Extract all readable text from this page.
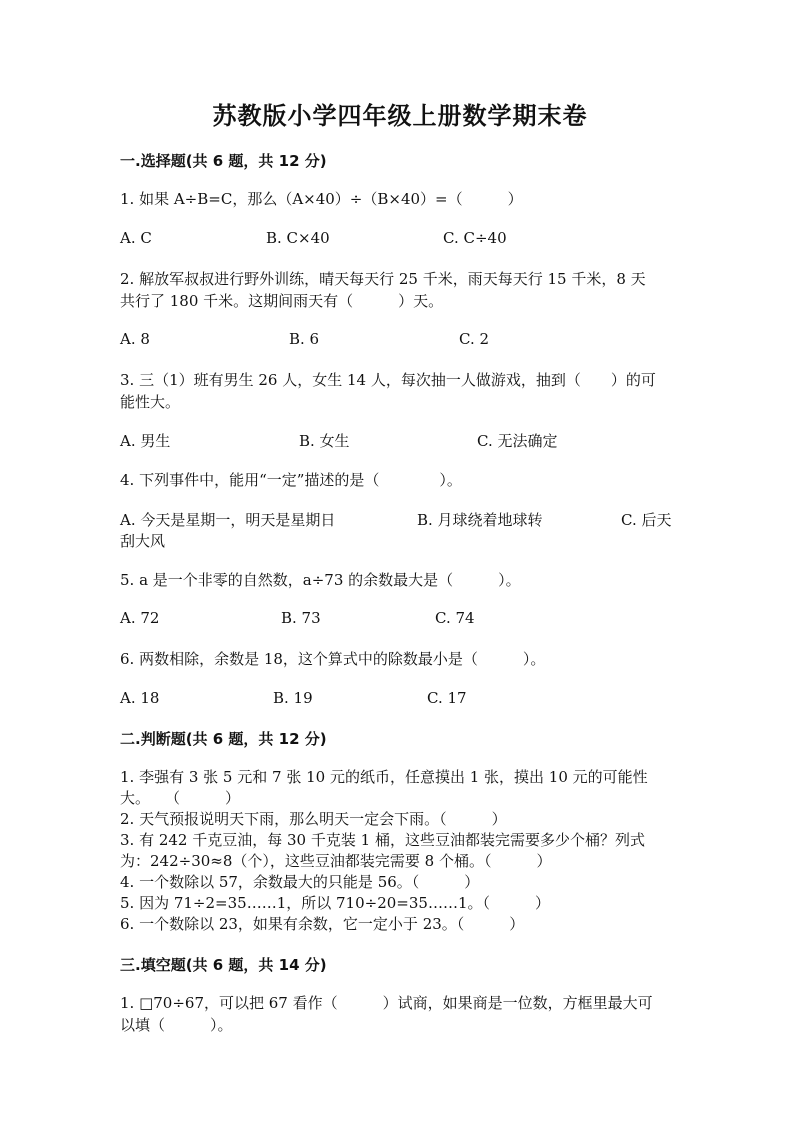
苏教版小学四年级上册数学期末卷
一.选择题(共 6 题，共 12 分)
1. 如果 A÷B=C，那么（A×40）÷（B×40）=（　　　）
A. C	B. C×40	C. C÷40
2. 解放军叔叔进行野外训练，晴天每天行 25 千米，雨天每天行 15 千米，8 天
共行了 180 千米。这期间雨天有（　　　）天。
A. 8	B. 6	C. 2
3. 三（1）班有男生 26 人，女生 14 人，每次抽一人做游戏，抽到（　　）的可
能性大。
A. 男生	B. 女生	C. 无法确定
4. 下列事件中，能用“一定”描述的是（　　　　）。
A. 今天是星期一，明天是星期日	B. 月球绕着地球转	C. 后天
刮大风
5. a 是一个非零的自然数，a÷73 的余数最大是（　　　）。
A. 72	B. 73	C. 74
6. 两数相除，余数是 18，这个算式中的除数最小是（　　　）。
A. 18	B. 19	C. 17
二.判断题(共 6 题，共 12 分)
1. 李强有 3 张 5 元和 7 张 10 元的纸币，任意摸出 1 张，摸出 10 元的可能性
大。　　（　　　）
2. 天气预报说明天下雨，那么明天一定会下雨。（　　　）
3. 有 242 千克豆油，每 30 千克装 1 桶，这些豆油都装完需要多少个桶？列式
为：242÷30≈8（个），这些豆油都装完需要 8 个桶。（　　　）
4. 一个数除以 57，余数最大的只能是 56。（　　　）
5. 因为 71÷2=35……1，所以 710÷20=35……1。（　　　）
6. 一个数除以 23，如果有余数，它一定小于 23。（　　　）
三.填空题(共 6 题，共 14 分)
1. □70÷67，可以把 67 看作（　　　）试商，如果商是一位数，方框里最大可
以填（　　　）。
